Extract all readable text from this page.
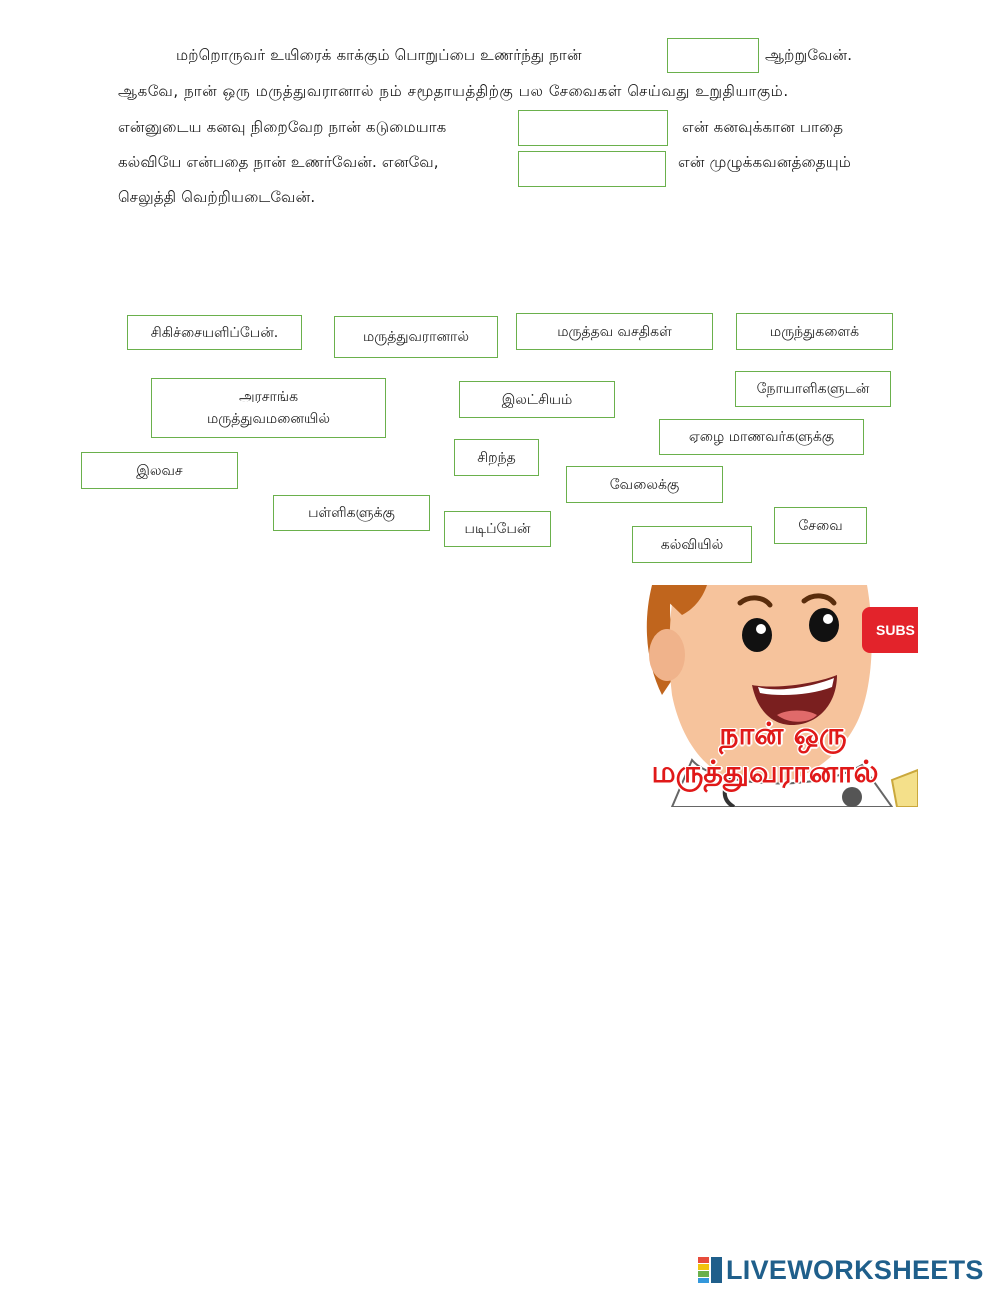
மற்றொருவர் உயிரைக் காக்கும் பொறுப்பை உணர்ந்து நான்	ஆற்றுவேன்.
ஆகவே, நான் ஒரு மருத்துவரானால் நம் சமூதாயத்திற்கு பல சேவைகள் செய்வது உறுதியாகும்.
என்னுடைய கனவு நிறைவேற நான் கடுமையாக	என் கனவுக்கான பாதை
கல்வியே என்பதை நான் உணர்வேன். எனவே,	என் முழுக்கவனத்தையும்
செலுத்தி வெற்றியடைவேன்.
சிகிச்சையளிப்பேன்.	மருத்துவரானால்	மருத்தவ வசதிகள்	மருந்துகளைக்
அரசாங்க
மருத்துவமனையில்
இலட்சியம்
நோயாளிகளுடன்
ஏழை மாணவர்களுக்கு
இலவச
சிறந்த
வேலைக்கு
பள்ளிகளுக்கு
படிப்பேன்
கல்வியில்
சேவை
SUBS
நான் ஒரு
மருத்துவரானால்
LIVEWORKSHEETS
